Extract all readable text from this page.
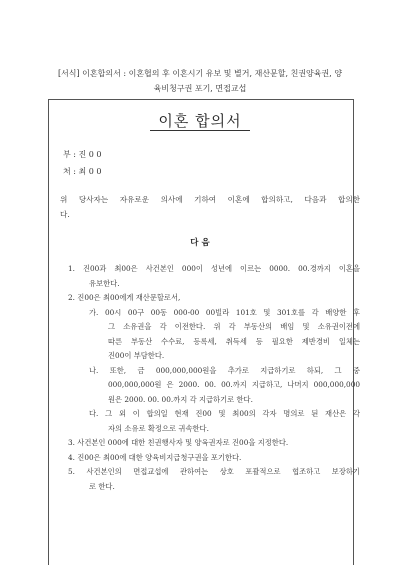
[서식] 이혼합의서 : 이혼협의 후 이혼시기 유보 및 별거, 재산문할, 친권양육권, 양
육비청구권 포기, 면접교섭
이혼 합의서
부 : 진 0 0
처 : 최 0 0
위 당사자는 자유로운 의사에 기하여 이혼에 합의하고, 다음과 합의한
다.
다 음
1. 진00과 최00은 사건본인 000이 성년에 이르는 0000. 00.경까지 이혼을
유보한다.
2. 진00은 최00에게 재산문할로서,
가. 00시 00구 00동 000-00 00빌라 101호 및 301호를 각 배양한 후
그 소유권을 각 이전한다. 위 각 부동산의 배임 및 소유권이전에
따른 부동산 수수료, 등록세, 취득세 등 필요한 제반경비 일체는
진00이 부담한다.
나. 또한, 금 000,000,000원을 추가로 지급하기로 하되, 그 중
000,000,000원 은 2000. 00. 00.까지 지급하고, 나머지 000,000,000
원은 2000. 00. 00.까지 각 지급하기로 한다.
다. 그 외 이 합의일 현재 진00 및 최00의 각자 명의로 된 재산은 각
자의 소유로 확정으로 귀속한다.
3. 사건본인 000에 대한 친권행사자 및 양육권자로 진00을 지정한다.
4. 진00은 최00에 대한 양육비지급청구권을 포기한다.
5. 사건본인의 면접교섭에 관하여는 상호 포괄적으로 협조하고 보장하기
로 한다.
